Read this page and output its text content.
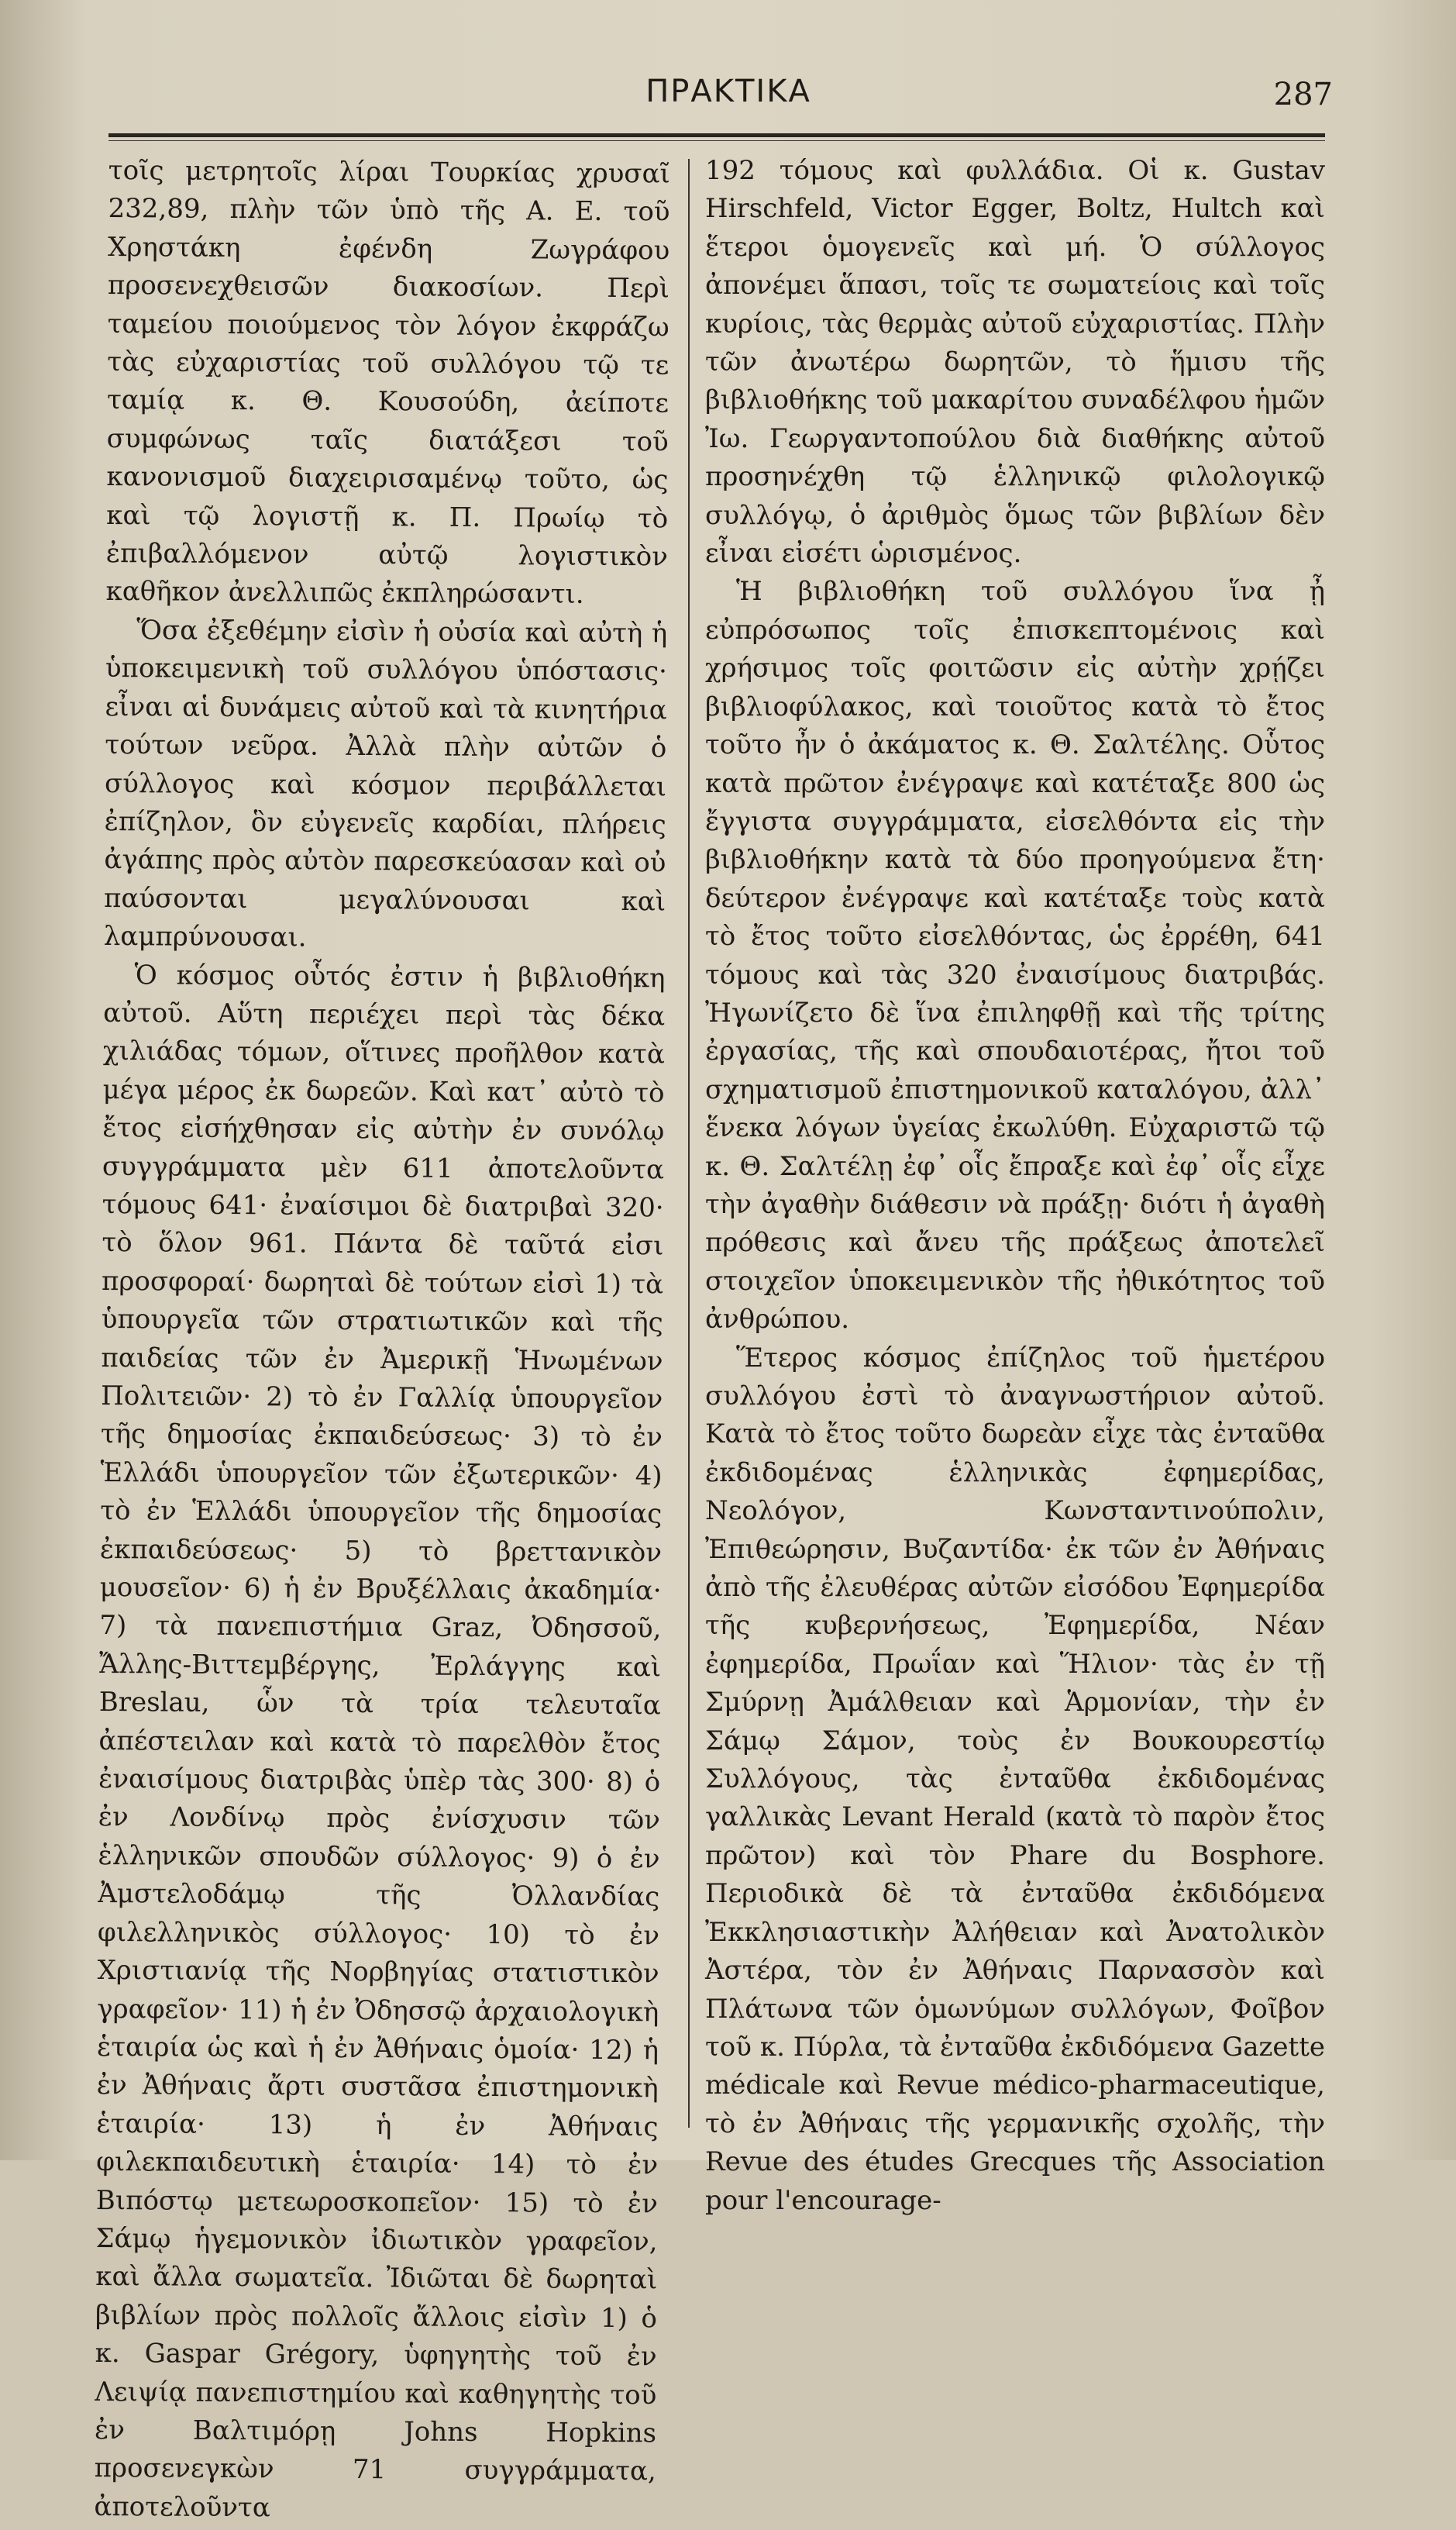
ΠΡΑΚΤΙΚΑ	287

τοῖς μετρητοῖς λίραι Τουρκίας χρυσαῖ 232,89, πλὴν τῶν ὑπὸ τῆς Α. Ε. τοῦ Χρηστάκη ἐφένδη Ζωγράφου προσενεχθεισῶν διακοσίων. Περὶ ταμείου ποιούμενος τὸν λόγον ἐκφράζω τὰς εὐχαριστίας τοῦ συλλόγου τῷ τε ταμίᾳ κ. Θ. Κουσούδη, ἀείποτε συμφώνως ταῖς διατάξεσι τοῦ κανονισμοῦ διαχειρισαμένῳ τοῦτο, ὡς καὶ τῷ λογιστῇ κ. Π. Πρωίῳ τὸ ἐπιβαλλόμενον αὐτῷ λογιστικὸν καθῆκον ἀνελλιπῶς ἐκπληρώσαντι.

Ὅσα ἐξεθέμην εἰσὶν ἡ οὐσία καὶ αὐτὴ ἡ ὑποκειμενικὴ τοῦ συλλόγου ὑπόστασις· εἶναι αἱ δυνάμεις αὐτοῦ καὶ τὰ κινητήρια τούτων νεῦρα. Ἀλλὰ πλὴν αὐτῶν ὁ σύλλογος καὶ κόσμον περιβάλλεται ἐπίζηλον, ὃν εὐγενεῖς καρδίαι, πλήρεις ἀγάπης πρὸς αὐτὸν παρεσκεύασαν καὶ οὐ παύσονται μεγαλύνουσαι καὶ λαμπρύνουσαι.

Ὁ κόσμος οὗτός ἐστιν ἡ βιβλιοθήκη αὐτοῦ. Αὕτη περιέχει περὶ τὰς δέκα χιλιάδας τόμων, οἵτινες προῆλθον κατὰ μέγα μέρος ἐκ δωρεῶν. Καὶ κατ᾽ αὐτὸ τὸ ἔτος εἰσήχθησαν εἰς αὐτὴν ἐν συνόλῳ συγγράμματα μὲν 611 ἀποτελοῦντα τόμους 641· ἐναίσιμοι δὲ διατριβαὶ 320· τὸ ὅλον 961. Πάντα δὲ ταῦτά εἰσι προσφοραί· δωρηταὶ δὲ τούτων εἰσὶ 1) τὰ ὑπουργεῖα τῶν στρατιωτικῶν καὶ τῆς παιδείας τῶν ἐν Ἀμερικῇ Ἡνωμένων Πολιτειῶν· 2) τὸ ἐν Γαλλίᾳ ὑπουργεῖον τῆς δημοσίας ἐκπαιδεύσεως· 3) τὸ ἐν Ἑλλάδι ὑπουργεῖον τῶν ἐξωτερικῶν· 4) τὸ ἐν Ἑλλάδι ὑπουργεῖον τῆς δημοσίας ἐκπαιδεύσεως· 5) τὸ βρεττανικὸν μουσεῖον· 6) ἡ ἐν Βρυξέλλαις ἀκαδημία· 7) τὰ πανεπιστήμια Graz, Ὀδησσοῦ, Ἄλλης-Βιττεμβέργης, Ἐρλάγγης καὶ Breslau, ὧν τὰ τρία τελευταῖα ἀπέστειλαν καὶ κατὰ τὸ παρελθὸν ἔτος ἐναισίμους διατριβὰς ὑπὲρ τὰς 300· 8) ὁ ἐν Λονδίνῳ πρὸς ἐνίσχυσιν τῶν ἑλληνικῶν σπουδῶν σύλλογος· 9) ὁ ἐν Ἀμστελοδάμῳ τῆς Ὀλλανδίας φιλελληνικὸς σύλλογος· 10) τὸ ἐν Χριστιανίᾳ τῆς Νορβηγίας στατιστικὸν γραφεῖον· 11) ἡ ἐν Ὀδησσῷ ἀρχαιολογικὴ ἑταιρία ὡς καὶ ἡ ἐν Ἀθήναις ὁμοία· 12) ἡ ἐν Ἀθήναις ἄρτι συστᾶσα ἐπιστημονικὴ ἑταιρία· 13) ἡ ἐν Ἀθήναις φιλεκπαιδευτικὴ ἑταιρία· 14) τὸ ἐν Βιπόστῳ μετεωροσκοπεῖον· 15) τὸ ἐν Σάμῳ ἡγεμονικὸν ἰδιωτικὸν γραφεῖον, καὶ ἄλλα σωματεῖα. Ἰδιῶται δὲ δωρηταὶ βιβλίων πρὸς πολλοῖς ἄλλοις εἰσὶν 1) ὁ κ. Gaspar Grégory, ὑφηγητὴς τοῦ ἐν Λειψίᾳ πανεπιστημίου καὶ καθηγητὴς τοῦ ἐν Βαλτιμόρῃ Johns Hopkins προσενεγκὼν 71 συγγράμματα, ἀποτελοῦντα

192 τόμους καὶ φυλλάδια. Οἱ κ. Gustav Hirschfeld, Victor Egger, Boltz, Hultch καὶ ἕτεροι ὁμογενεῖς καὶ μή. Ὁ σύλλογος ἀπονέμει ἅπασι, τοῖς τε σωματείοις καὶ τοῖς κυρίοις, τὰς θερμὰς αὐτοῦ εὐχαριστίας. Πλὴν τῶν ἀνωτέρω δωρητῶν, τὸ ἥμισυ τῆς βιβλιοθήκης τοῦ μακαρίτου συναδέλφου ἡμῶν Ἰω. Γεωργαντοπούλου διὰ διαθήκης αὐτοῦ προσηνέχθη τῷ ἑλληνικῷ φιλολογικῷ συλλόγῳ, ὁ ἀριθμὸς ὅμως τῶν βιβλίων δὲν εἶναι εἰσέτι ὡρισμένος.

Ἡ βιβλιοθήκη τοῦ συλλόγου ἵνα ᾖ εὐπρόσωπος τοῖς ἐπισκεπτομένοις καὶ χρήσιμος τοῖς φοιτῶσιν εἰς αὐτὴν χρῄζει βιβλιοφύλακος, καὶ τοιοῦτος κατὰ τὸ ἔτος τοῦτο ἦν ὁ ἀκάματος κ. Θ. Σαλτέλης. Οὗτος κατὰ πρῶτον ἐνέγραψε καὶ κατέταξε 800 ὡς ἔγγιστα συγγράμματα, εἰσελθόντα εἰς τὴν βιβλιοθήκην κατὰ τὰ δύο προηγούμενα ἔτη· δεύτερον ἐνέγραψε καὶ κατέταξε τοὺς κατὰ τὸ ἔτος τοῦτο εἰσελθόντας, ὡς ἐρρέθη, 641 τόμους καὶ τὰς 320 ἐναισίμους διατριβάς. Ἠγωνίζετο δὲ ἵνα ἐπιληφθῇ καὶ τῆς τρίτης ἐργασίας, τῆς καὶ σπουδαιοτέρας, ἤτοι τοῦ σχηματισμοῦ ἐπιστημονικοῦ καταλόγου, ἀλλ᾽ ἕνεκα λόγων ὑγείας ἐκωλύθη. Εὐχαριστῶ τῷ κ. Θ. Σαλτέλῃ ἐφ᾽ οἷς ἔπραξε καὶ ἐφ᾽ οἷς εἶχε τὴν ἀγαθὴν διάθεσιν νὰ πράξῃ· διότι ἡ ἀγαθὴ πρόθεσις καὶ ἄνευ τῆς πράξεως ἀποτελεῖ στοιχεῖον ὑποκειμενικὸν τῆς ἠθικότητος τοῦ ἀνθρώπου.

Ἕτερος κόσμος ἐπίζηλος τοῦ ἡμετέρου συλλόγου ἐστὶ τὸ ἀναγνωστήριον αὐτοῦ. Κατὰ τὸ ἔτος τοῦτο δωρεὰν εἶχε τὰς ἐνταῦθα ἐκδιδομένας ἑλληνικὰς ἐφημερίδας, Νεολόγον, Κωνσταντινούπολιν, Ἐπιθεώρησιν, Βυζαντίδα· ἐκ τῶν ἐν Ἀθήναις ἀπὸ τῆς ἐλευθέρας αὐτῶν εἰσόδου Ἐφημερίδα τῆς κυβερνήσεως, Ἐφημερίδα, Νέαν ἐφημερίδα, Πρωΐαν καὶ Ἥλιον· τὰς ἐν τῇ Σμύρνῃ Ἀμάλθειαν καὶ Ἁρμονίαν, τὴν ἐν Σάμῳ Σάμον, τοὺς ἐν Βουκουρεστίῳ Συλλόγους, τὰς ἐνταῦθα ἐκδιδομένας γαλλικὰς Levant Herald (κατὰ τὸ παρὸν ἔτος πρῶτον) καὶ τὸν Phare du Bosphore. Περιοδικὰ δὲ τὰ ἐνταῦθα ἐκδιδόμενα Ἐκκλησιαστικὴν Ἀλήθειαν καὶ Ἀνατολικὸν Ἀστέρα, τὸν ἐν Ἀθήναις Παρνασσὸν καὶ Πλάτωνα τῶν ὁμωνύμων συλλόγων, Φοῖβον τοῦ κ. Πύρλα, τὰ ἐνταῦθα ἐκδιδόμενα Gazette médicale καὶ Revue médico-pharmaceutique, τὸ ἐν Ἀθήναις τῆς γερμανικῆς σχολῆς, τὴν Revue des études Grecques τῆς Association pour l'encourage-
